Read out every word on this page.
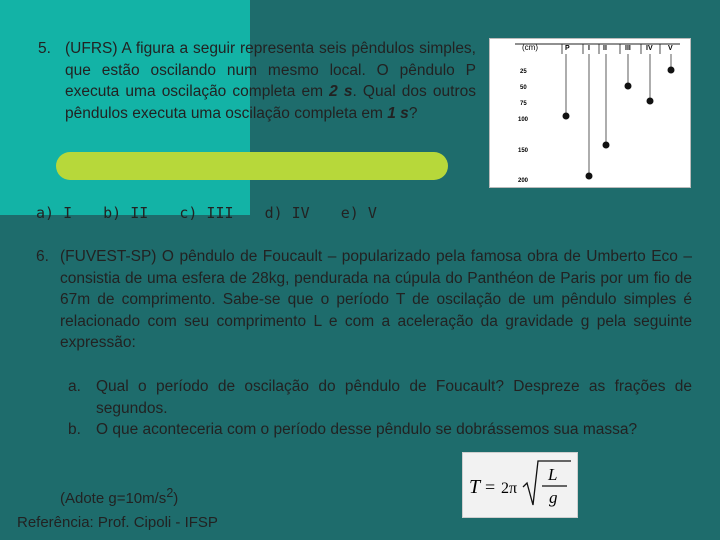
5. (UFRS) A figura a seguir representa seis pêndulos simples, que estão oscilando num mesmo local. O pêndulo P executa uma oscilação completa em 2 s. Qual dos outros pêndulos executa uma oscilação completa em 1 s?
(cm)	P	I II	III IV V
25
50
75
100
150
200
a) I b) II c) III d) IV e) V
6. (FUVEST-SP) O pêndulo de Foucault – popularizado pela famosa obra de Umberto Eco – consistia de uma esfera de 28kg, pendurada na cúpula do Panthéon de Paris por um fio de 67m de comprimento. Sabe-se que o período T de oscilação de um pêndulo simples é relacionado com seu comprimento L e com a aceleração da gravidade g pela seguinte expressão:
a. Qual o período de oscilação do pêndulo de Foucault? Despreze as frações de segundos.
b. O que aconteceria com o período desse pêndulo se dobrássemos sua massa?
T = 2π
L
g
(Adote $g=10m/s^2$)
Referência: Prof. Cipoli - IFSP
